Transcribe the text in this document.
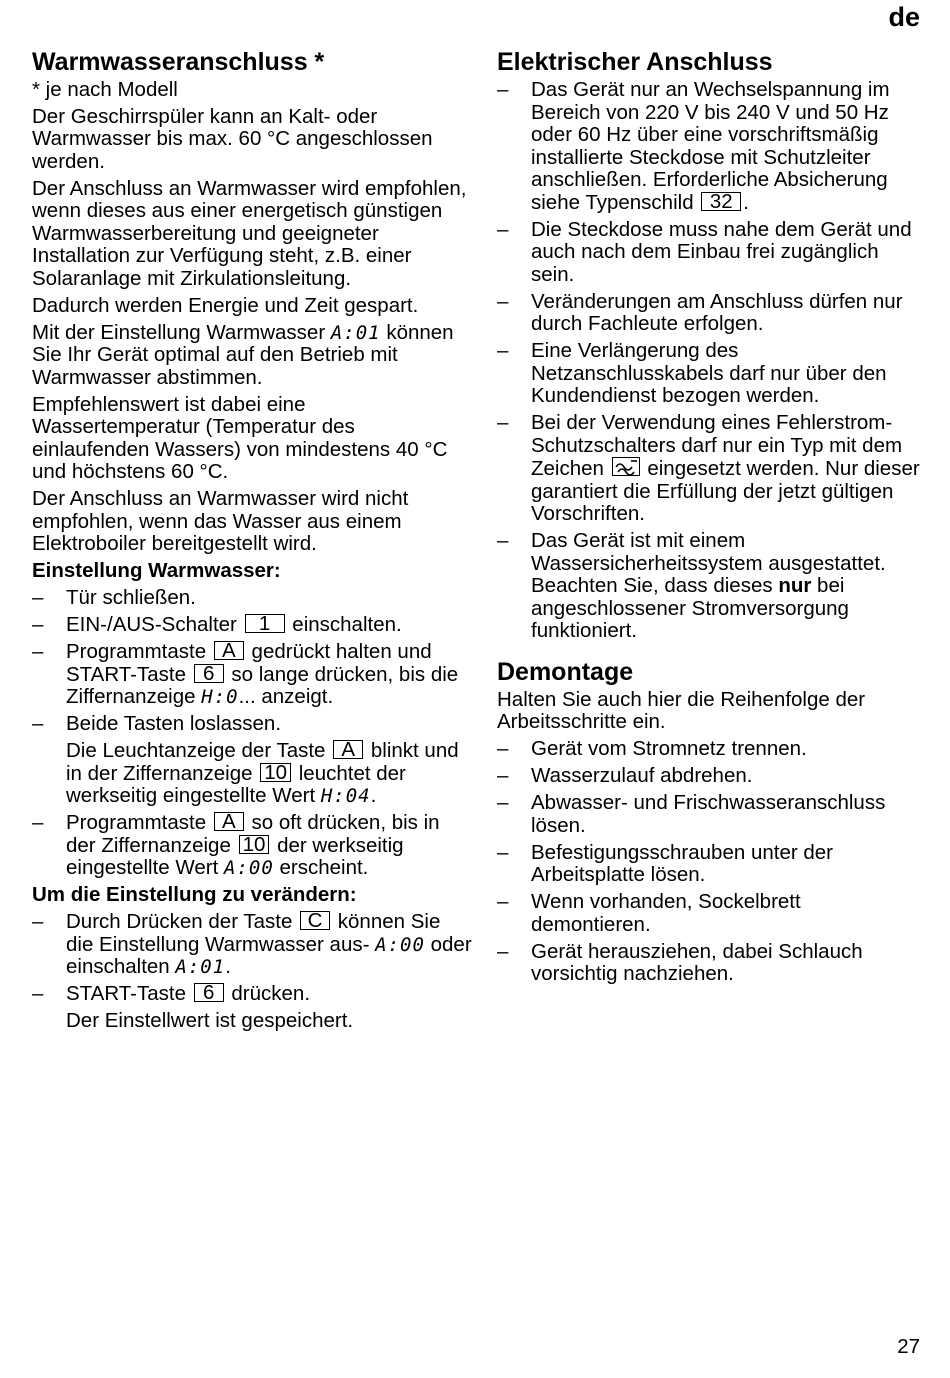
de
Warmwasseranschluss *

* je nach Modell

Der Geschirrspüler kann an Kalt- oder Warmwasser bis max. 60 °C angeschlossen werden.

Der Anschluss an Warmwasser wird empfohlen, wenn dieses aus einer energetisch günstigen Warmwasserbereitung und geeigneter Installation zur Verfügung steht, z.B. einer Solaranlage mit Zirkulationsleitung.

Dadurch werden Energie und Zeit gespart.

Mit der Einstellung Warmwasser A:01 können Sie Ihr Gerät optimal auf den Betrieb mit Warmwasser abstimmen.

Empfehlenswert ist dabei eine Wassertemperatur (Temperatur des einlaufenden Wassers) von mindestens 40 °C und höchstens 60 °C.

Der Anschluss an Warmwasser wird nicht empfohlen, wenn das Wasser aus einem Elektroboiler bereitgestellt wird.

Einstellung Warmwasser:
– Tür schließen.
– EIN-/AUS-Schalter 1 einschalten.
– Programmtaste A gedrückt halten und START-Taste 6 so lange drücken, bis die Ziffernanzeige H:0... anzeigt.
– Beide Tasten loslassen.
Die Leuchtanzeige der Taste A blinkt und in der Ziffernanzeige 10 leuchtet der werkseitig eingestellte Wert H:04.
– Programmtaste A so oft drücken, bis in der Ziffernanzeige 10 der werkseitig eingestellte Wert A:00 erscheint.
Um die Einstellung zu verändern:
– Durch Drücken der Taste C können Sie die Einstellung Warmwasser aus- A:00 oder einschalten A:01.
– START-Taste 6 drücken.
Der Einstellwert ist gespeichert.
Elektrischer Anschluss
– Das Gerät nur an Wechselspannung im Bereich von 220 V bis 240 V und 50 Hz oder 60 Hz über eine vorschriftsmäßig installierte Steckdose mit Schutzleiter anschließen. Erforderliche Absicherung siehe Typenschild 32 .
– Die Steckdose muss nahe dem Gerät und auch nach dem Einbau frei zugänglich sein.
– Veränderungen am Anschluss dürfen nur durch Fachleute erfolgen.
– Eine Verlängerung des Netzanschlusskabels darf nur über den Kundendienst bezogen werden.
– Bei der Verwendung eines Fehlerstrom-Schutzschalters darf nur ein Typ mit dem Zeichen eingesetzt werden. Nur dieser garantiert die Erfüllung der jetzt gültigen Vorschriften.
– Das Gerät ist mit einem Wassersicherheitssystem ausgestattet. Beachten Sie, dass dieses nur bei angeschlossener Stromversorgung funktioniert.
Demontage

Halten Sie auch hier die Reihenfolge der Arbeitsschritte ein.

– Gerät vom Stromnetz trennen.
– Wasserzulauf abdrehen.
– Abwasser- und Frischwasseranschluss lösen.
– Befestigungsschrauben unter der Arbeitsplatte lösen.
– Wenn vorhanden, Sockelbrett demontieren.
– Gerät herausziehen, dabei Schlauch vorsichtig nachziehen.
27
